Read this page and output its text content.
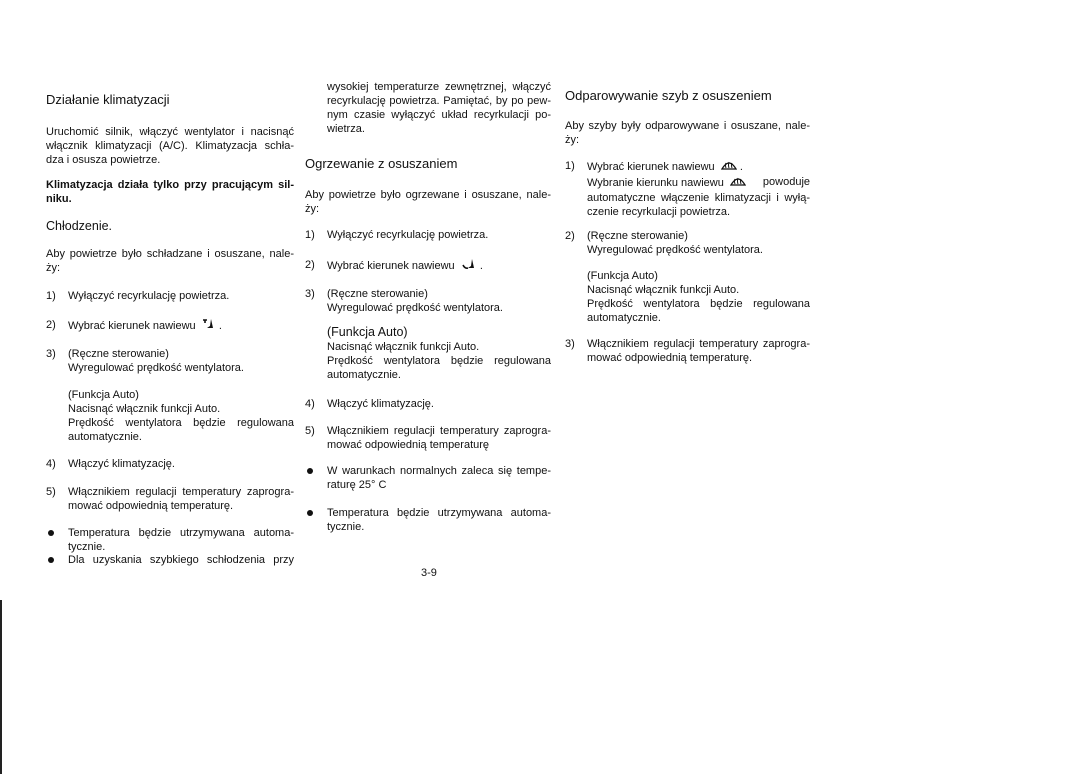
Działanie klimatyzacji
Uruchomić silnik, włączyć wentylator i nacisnąć
włącznik klimatyzacji (A/C). Klimatyzacja schła-
dza i osusza powietrze.
Klimatyzacja działa tylko przy pracującym sil-
niku.
Chłodzenie.
Aby powietrze było schładzane i osuszane, nale-
ży:
1) Wyłączyć recyrkulację powietrza.
2) Wybrać kierunek nawiewu .
3) (Ręczne sterowanie)
Wyregulować prędkość wentylatora.
(Funkcja Auto)
Nacisnąć włącznik funkcji Auto.
Prędkość wentylatora będzie regulowana
automatycznie.
4) Włączyć klimatyzację.
5) Włącznikiem regulacji temperatury zaprogra-
mować odpowiednią temperaturę.
Temperatura będzie utrzymywana automa-
tycznie.
Dla uzyskania szybkiego schłodzenia przy
wysokiej temperaturze zewnętrznej, włączyć
recyrkulację powietrza. Pamiętać, by po pew-
nym czasie wyłączyć układ recyrkulacji po-
wietrza.
Ogrzewanie z osuszaniem
Aby powietrze było ogrzewane i osuszane, nale-
ży:
1) Wyłączyć recyrkulację powietrza.
2) Wybrać kierunek nawiewu .
3) (Ręczne sterowanie)
Wyregulować prędkość wentylatora.
(Funkcja Auto)
Nacisnąć włącznik funkcji Auto.
Prędkość wentylatora będzie regulowana
automatycznie.
4) Włączyć klimatyzację.
5) Włącznikiem regulacji temperatury zaprogra-
mować odpowiednią temperaturę
W warunkach normalnych zaleca się tempe-
raturę 25° C
Temperatura będzie utrzymywana automa-
tycznie.
Odparowywanie szyb z osuszeniem
Aby szyby były odparowywane i osuszane, nale-
ży:
1) Wybrać kierunek nawiewu .
Wybranie kierunku nawiewu	powoduje
automatyczne włączenie klimatyzacji i wyłą-
czenie recyrkulacji powietrza.
2) (Ręczne sterowanie)
Wyregulować prędkość wentylatora.
(Funkcja Auto)
Nacisnąć włącznik funkcji Auto.
Prędkość wentylatora będzie regulowana
automatycznie.
3) Włącznikiem regulacji temperatury zaprogra-
mować odpowiednią temperaturę.
3-9
